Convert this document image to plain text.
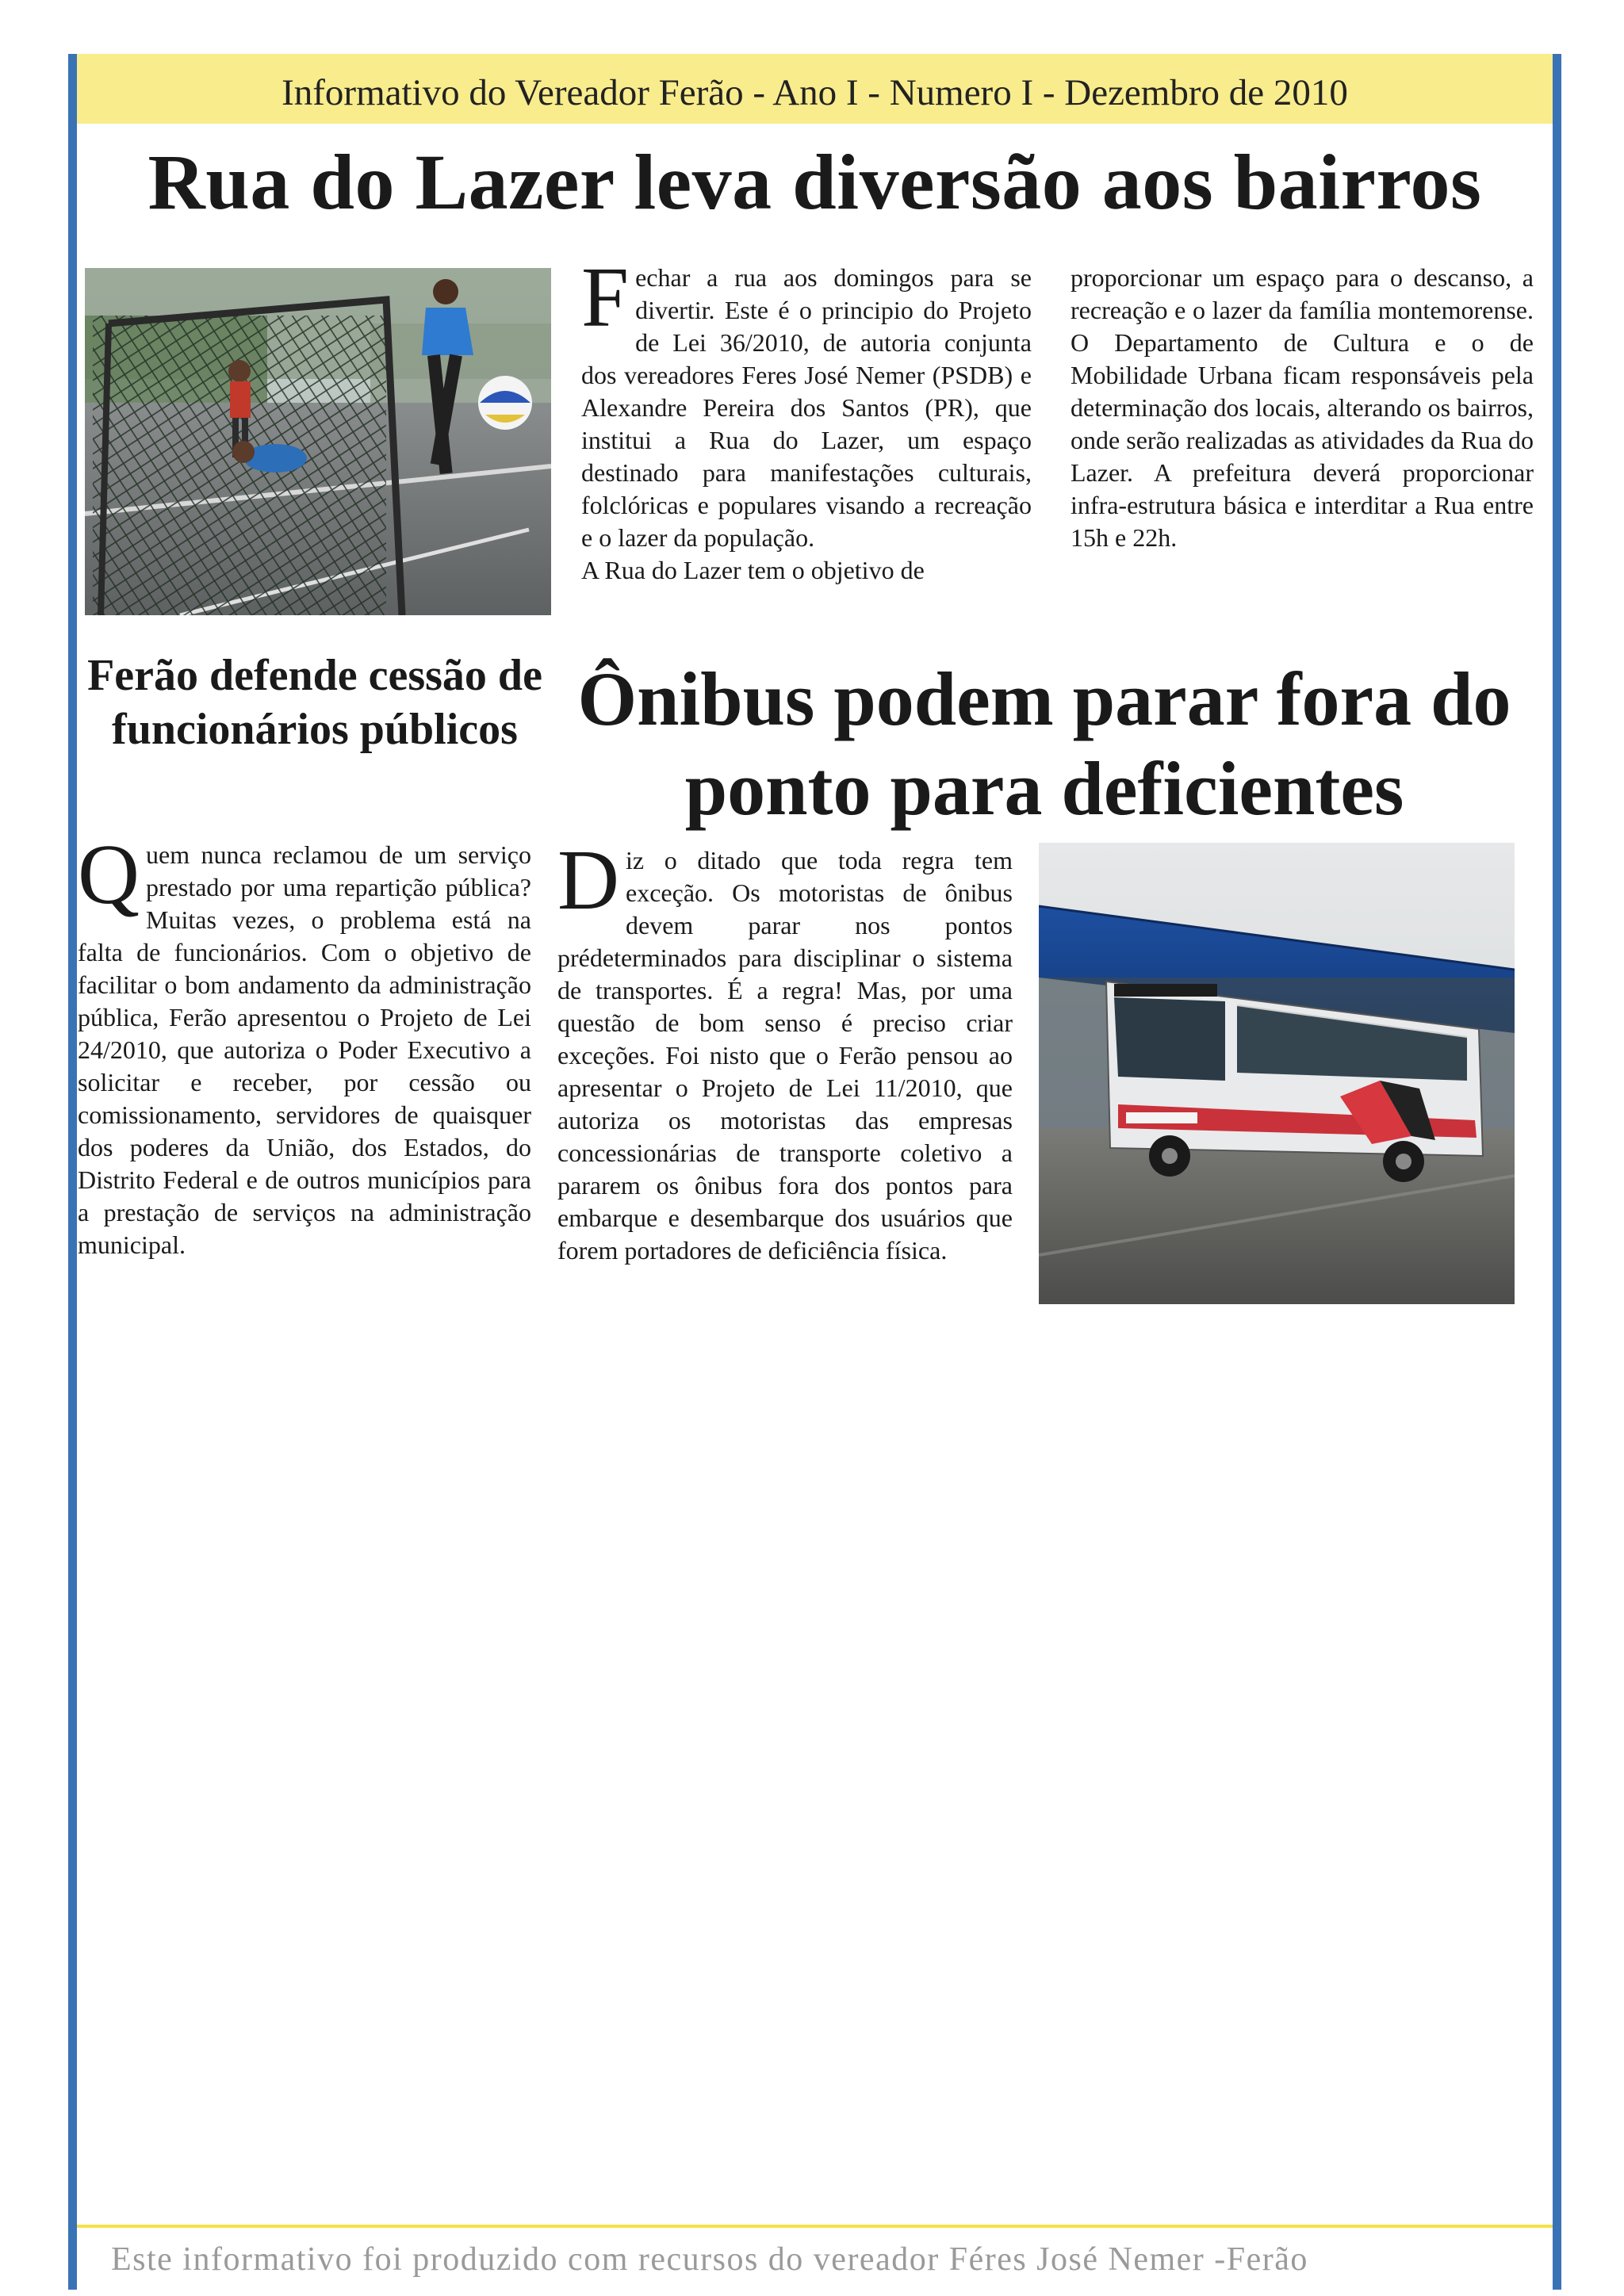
Informativo do Vereador Ferão - Ano I - Numero I - Dezembro de 2010
Rua do Lazer leva diversão aos bairros

Fechar a rua aos domingos para se divertir. Este é o principio do Projeto de Lei 36/2010, de autoria conjunta dos vereadores Feres José Nemer (PSDB) e Alexandre Pereira dos Santos (PR), que institui a Rua do Lazer, um espaço destinado para manifestações culturais, folclóricas e populares visando a recreação e o lazer da população.

A Rua do Lazer tem o objetivo de

proporcionar um espaço para o descanso, a recreação e o lazer da família montemorense. O Departamento de Cultura e o de Mobilidade Urbana ficam responsáveis pela determinação dos locais, alterando os bairros, onde serão realizadas as atividades da Rua do Lazer. A prefeitura deverá proporcionar infra-estrutura básica e interditar a Rua entre 15h e 22h.

Ferão defende cessão de funcionários públicos

Quem nunca reclamou de um serviço prestado por uma repartição pública? Muitas vezes, o problema está na falta de funcionários. Com o objetivo de facilitar o bom andamento da administração pública, Ferão apresentou o Projeto de Lei 24/2010, que autoriza o Poder Executivo a solicitar e receber, por cessão ou comissionamento, servidores de quaisquer dos poderes da União, dos Estados, do Distrito Federal e de outros municípios para a prestação de serviços na administração municipal.

Ônibus podem parar fora do ponto para deficientes

Diz o ditado que toda regra tem exceção. Os motoristas de ônibus devem parar nos pontos prédeterminados para disciplinar o sistema de transportes. É a regra! Mas, por uma questão de bom senso é preciso criar exceções. Foi nisto que o Ferão pensou ao apresentar o Projeto de Lei 11/2010, que autoriza os motoristas das empresas concessionárias de transporte coletivo a pararem os ônibus fora dos pontos para embarque e desembarque dos usuários que forem portadores de deficiência física.

Este informativo foi produzido com recursos do vereador Féres José Nemer -Ferão
